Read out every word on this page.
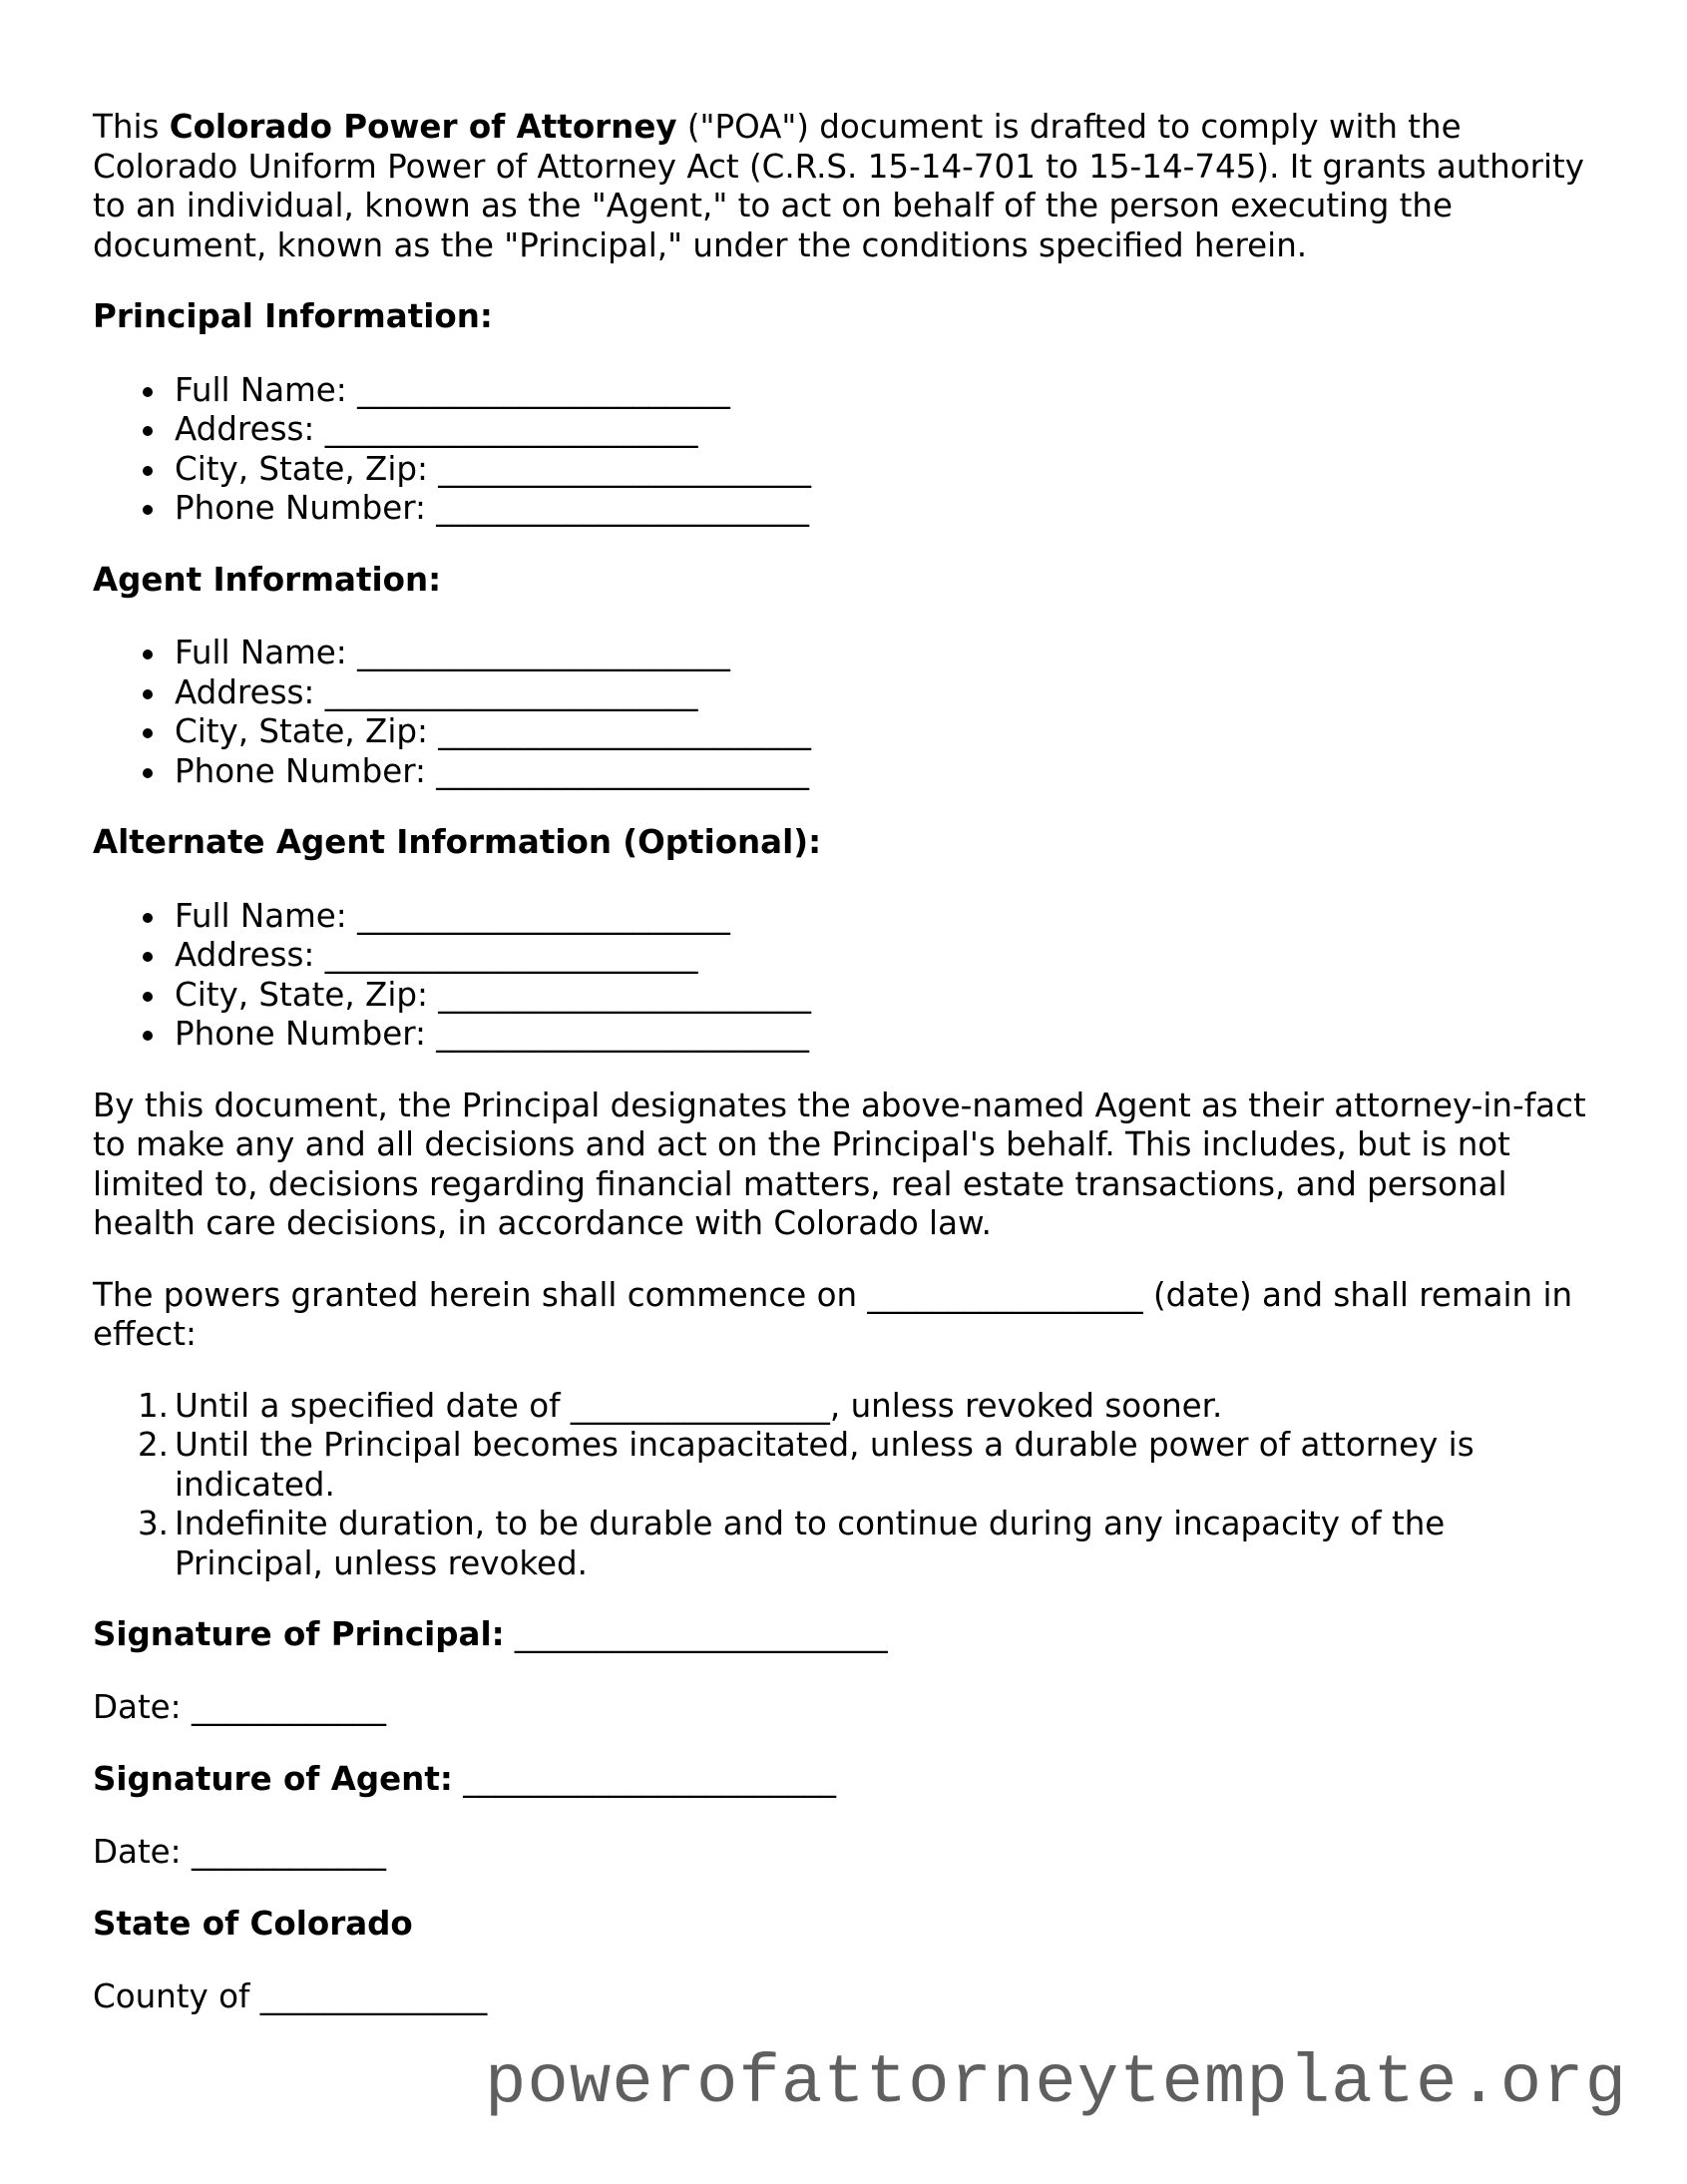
This Colorado Power of Attorney ("POA") document is drafted to comply with the Colorado Uniform Power of Attorney Act (C.R.S. 15-14-701 to 15-14-745). It grants authority to an individual, known as the "Agent," to act on behalf of the person executing the document, known as the "Principal," under the conditions specified herein.

Principal Information:

Full Name: _______________________
Address: _______________________
City, State, Zip: _______________________
Phone Number: _______________________

Agent Information:

Full Name: _______________________
Address: _______________________
City, State, Zip: _______________________
Phone Number: _______________________

Alternate Agent Information (Optional):

Full Name: _______________________
Address: _______________________
City, State, Zip: _______________________
Phone Number: _______________________

By this document, the Principal designates the above-named Agent as their attorney-in-fact to make any and all decisions and act on the Principal's behalf. This includes, but is not limited to, decisions regarding financial matters, real estate transactions, and personal health care decisions, in accordance with Colorado law.

The powers granted herein shall commence on _________________ (date) and shall remain in effect:

1. Until a specified date of ________________, unless revoked sooner.
2. Until the Principal becomes incapacitated, unless a durable power of attorney is indicated.
3. Indefinite duration, to be durable and to continue during any incapacity of the Principal, unless revoked.

Signature of Principal: _______________________

Date: ____________

Signature of Agent: _______________________

Date: ____________

State of Colorado

County of ______________

powerofattorneytemplate.org
